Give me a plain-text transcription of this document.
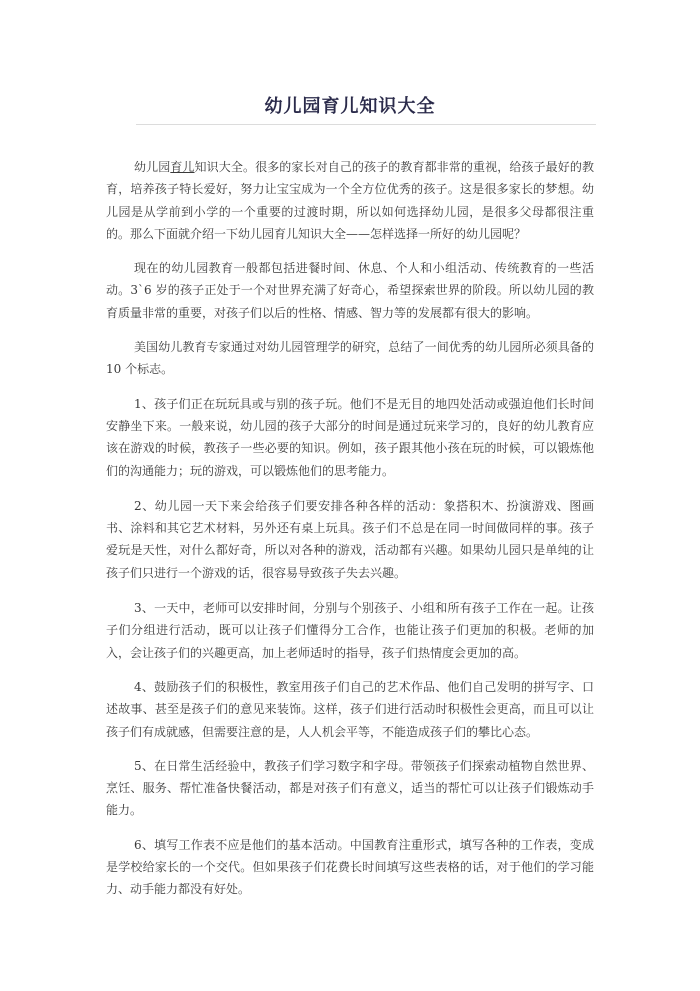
幼儿园育儿知识大全

幼儿园育儿知识大全。很多的家长对自己的孩子的教育都非常的重视，给孩子最好的教育，培养孩子特长爱好，努力让宝宝成为一个全方位优秀的孩子。这是很多家长的梦想。幼儿园是从学前到小学的一个重要的过渡时期，所以如何选择幼儿园，是很多父母都很注重的。那么下面就介绍一下幼儿园育儿知识大全——怎样选择一所好的幼儿园呢？

现在的幼儿园教育一般都包括进餐时间、休息、个人和小组活动、传统教育的一些活动。3`6 岁的孩子正处于一个对世界充满了好奇心，希望探索世界的阶段。所以幼儿园的教育质量非常的重要，对孩子们以后的性格、情感、智力等的发展都有很大的影响。

美国幼儿教育专家通过对幼儿园管理学的研究，总结了一间优秀的幼儿园所必须具备的 10 个标志。

1、孩子们正在玩玩具或与别的孩子玩。他们不是无目的地四处活动或强迫他们长时间安静坐下来。一般来说，幼儿园的孩子大部分的时间是通过玩来学习的，良好的幼儿教育应该在游戏的时候，教孩子一些必要的知识。例如，孩子跟其他小孩在玩的时候，可以锻炼他们的沟通能力；玩的游戏，可以锻炼他们的思考能力。

2、幼儿园一天下来会给孩子们要安排各种各样的活动：象搭积木、扮演游戏、图画书、涂料和其它艺术材料，另外还有桌上玩具。孩子们不总是在同一时间做同样的事。孩子爱玩是天性，对什么都好奇，所以对各种的游戏，活动都有兴趣。如果幼儿园只是单纯的让孩子们只进行一个游戏的话，很容易导致孩子失去兴趣。

3、一天中，老师可以安排时间，分别与个别孩子、小组和所有孩子工作在一起。让孩子们分组进行活动，既可以让孩子们懂得分工合作，也能让孩子们更加的积极。老师的加入，会让孩子们的兴趣更高，加上老师适时的指导，孩子们热情度会更加的高。

4、鼓励孩子们的积极性，教室用孩子们自己的艺术作品、他们自己发明的拼写字、口述故事、甚至是孩子们的意见来装饰。这样，孩子们进行活动时积极性会更高，而且可以让孩子们有成就感，但需要注意的是，人人机会平等，不能造成孩子们的攀比心态。

5、在日常生活经验中，教孩子们学习数字和字母。带领孩子们探索动植物自然世界、烹饪、服务、帮忙准备快餐活动，都是对孩子们有意义，适当的帮忙可以让孩子们锻炼动手能力。

6、填写工作表不应是他们的基本活动。中国教育注重形式，填写各种的工作表，变成是学校给家长的一个交代。但如果孩子们花费长时间填写这些表格的话，对于他们的学习能力、动手能力都没有好处。
